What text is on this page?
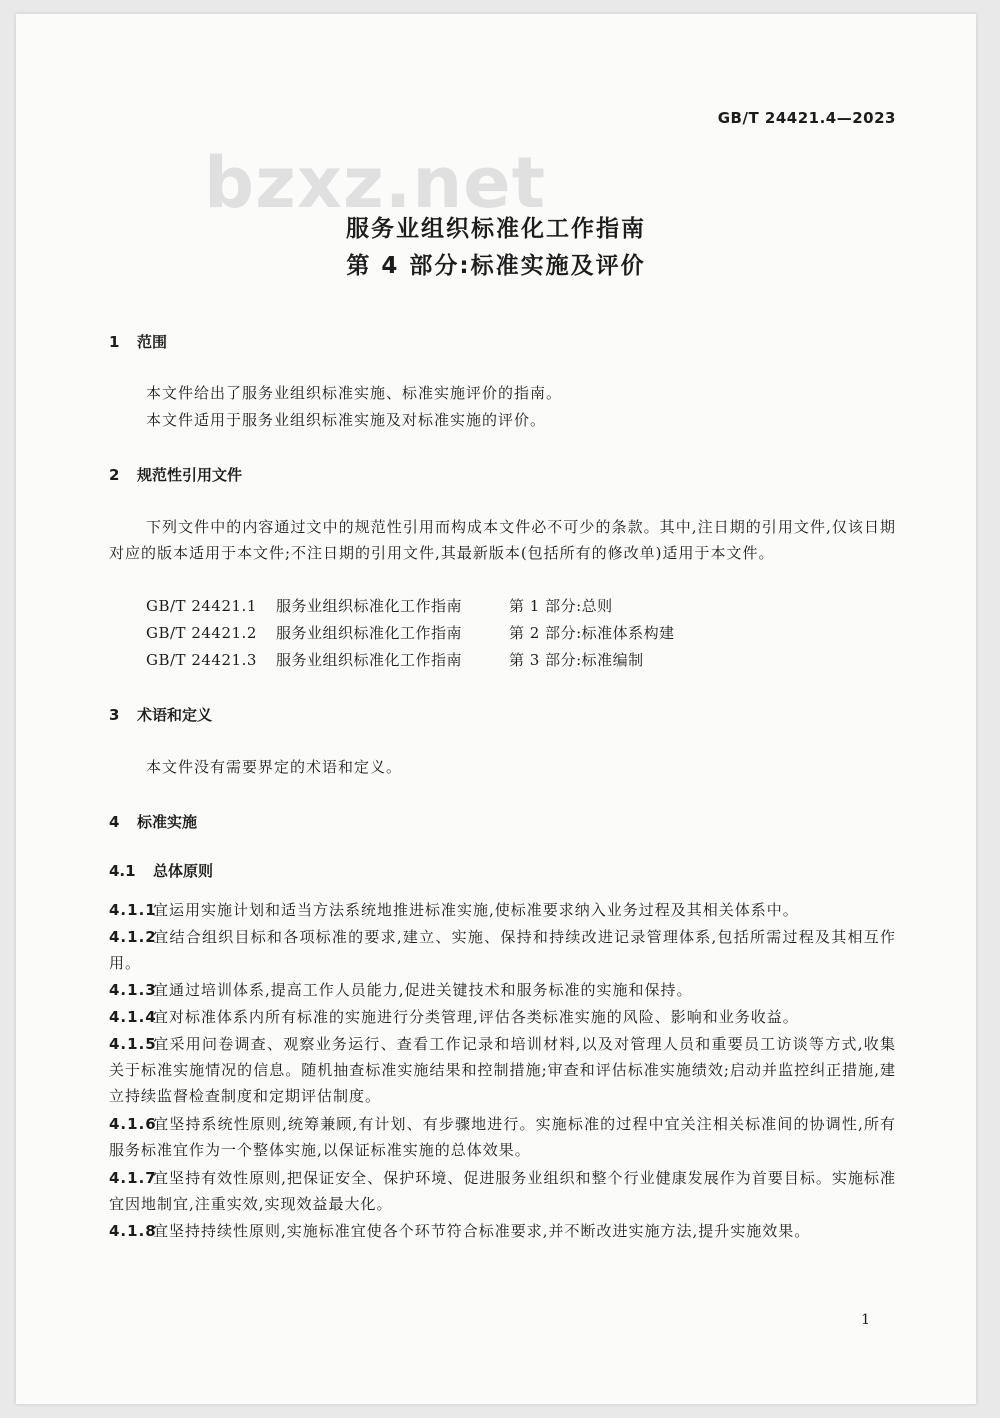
GB/T 24421.4—2023
bzxz.net
服务业组织标准化工作指南
第 4 部分:标准实施及评价
1 范围
本文件给出了服务业组织标准实施、标准实施评价的指南。
本文件适用于服务业组织标准实施及对标准实施的评价。
2 规范性引用文件
下列文件中的内容通过文中的规范性引用而构成本文件必不可少的条款。其中,注日期的引用文件,仅该日期对应的版本适用于本文件;不注日期的引用文件,其最新版本(包括所有的修改单)适用于本文件。
GB/T 24421.1 服务业组织标准化工作指南	第 1 部分:总则
GB/T 24421.2 服务业组织标准化工作指南	第 2 部分:标准体系构建
GB/T 24421.3 服务业组织标准化工作指南	第 3 部分:标准编制
3 术语和定义
本文件没有需要界定的术语和定义。
4 标准实施
4.1 总体原则
4.1.1宜运用实施计划和适当方法系统地推进标准实施,使标准要求纳入业务过程及其相关体系中。
4.1.2宜结合组织目标和各项标准的要求,建立、实施、保持和持续改进记录管理体系,包括所需过程及其相互作用。
4.1.3宜通过培训体系,提高工作人员能力,促进关键技术和服务标准的实施和保持。
4.1.4宜对标准体系内所有标准的实施进行分类管理,评估各类标准实施的风险、影响和业务收益。
4.1.5宜采用问卷调查、观察业务运行、查看工作记录和培训材料,以及对管理人员和重要员工访谈等方式,收集关于标准实施情况的信息。随机抽查标准实施结果和控制措施;审查和评估标准实施绩效;启动并监控纠正措施,建立持续监督检查制度和定期评估制度。
4.1.6宜坚持系统性原则,统筹兼顾,有计划、有步骤地进行。实施标准的过程中宜关注相关标准间的协调性,所有服务标准宜作为一个整体实施,以保证标准实施的总体效果。
4.1.7宜坚持有效性原则,把保证安全、保护环境、促进服务业组织和整个行业健康发展作为首要目标。实施标准宜因地制宜,注重实效,实现效益最大化。
4.1.8宜坚持持续性原则,实施标准宜使各个环节符合标准要求,并不断改进实施方法,提升实施效果。
1
